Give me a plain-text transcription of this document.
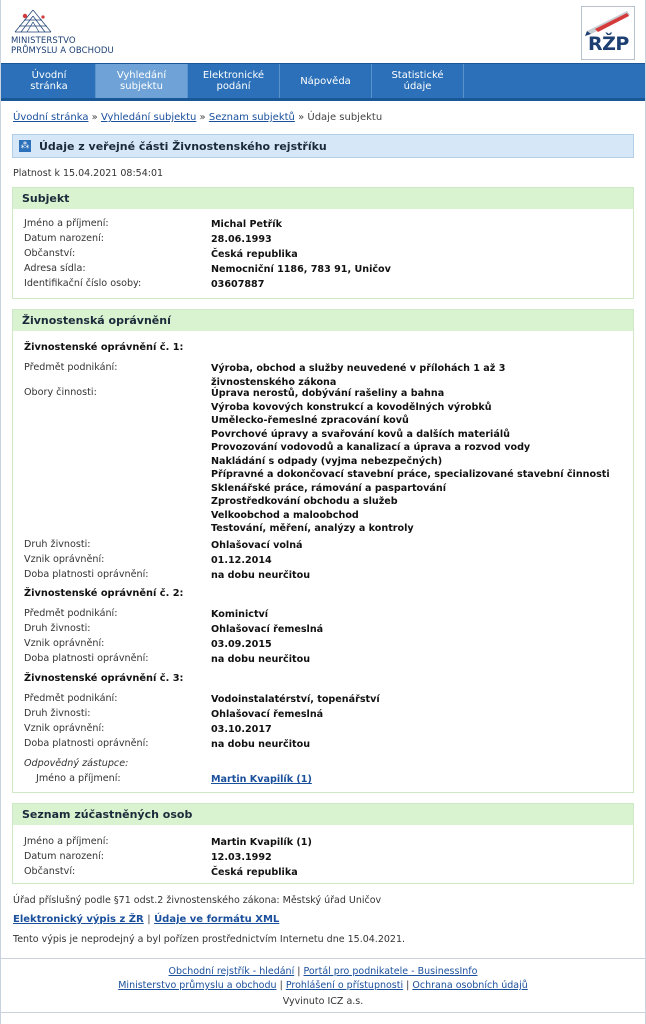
MINISTERSTVO
PRŮMYSLU A OBCHODU	RŽP
Úvodní stránka
Vyhledání subjektu
Elektronické podání	Nápověda	Statistické údaje
Úvodní stránka » Vyhledání subjektu » Seznam subjektů » Údaje subjektu
⁂ Údaje z veřejné části Živnostenského rejstříku
Platnost k 15.04.2021 08:54:01
Subjekt
Jméno a příjmení:	Michal Petřík
Datum narození:	28.06.1993
Občanství:	Česká republika
Adresa sídla:	Nemocniční 1186, 783 91, Uničov
Identifikační číslo osoby:	03607887
Živnostenská oprávnění
Živnostenské oprávnění č. 1:
Předmět podnikání:	Výroba, obchod a služby neuvedené v přílohách 1 až 3 živnostenského zákona
Obory činnosti:	Úprava nerostů, dobývání rašeliny a bahna
Výroba kovových konstrukcí a kovodělných výrobků
Umělecko-řemeslné zpracování kovů
Povrchové úpravy a svařování kovů a dalších materiálů
Provozování vodovodů a kanalizací a úprava a rozvod vody
Nakládání s odpady (vyjma nebezpečných)
Přípravné a dokončovací stavební práce, specializované stavební činnosti
Sklenářské práce, rámování a paspartování
Zprostředkování obchodu a služeb
Velkoobchod a maloobchod
Testování, měření, analýzy a kontroly
Druh živnosti:	Ohlašovací volná
Vznik oprávnění:	01.12.2014
Doba platnosti oprávnění:	na dobu neurčitou
Živnostenské oprávnění č. 2:
Předmět podnikání:	Kominictví
Druh živnosti:	Ohlašovací řemeslná
Vznik oprávnění:	03.09.2015
Doba platnosti oprávnění:	na dobu neurčitou
Živnostenské oprávnění č. 3:
Předmět podnikání:	Vodoinstalatérství, topenářství
Druh živnosti:	Ohlašovací řemeslná
Vznik oprávnění:	03.10.2017
Doba platnosti oprávnění:	na dobu neurčitou
Odpovědný zástupce:
Jméno a příjmení:	Martin Kvapilík (1)
Seznam zúčastněných osob
Jméno a příjmení:	Martin Kvapilík (1)
Datum narození:	12.03.1992
Občanství:	Česká republika
Úřad příslušný podle §71 odst.2 živnostenského zákona: Městský úřad Uničov
Elektronický výpis z ŽR | Údaje ve formátu XML
Tento výpis je neprodejný a byl pořízen prostřednictvím Internetu dne 15.04.2021.
Obchodní rejstřík - hledání | Portál pro podnikatele - BusinessInfo
Ministerstvo průmyslu a obchodu | Prohlášení o přístupnosti | Ochrana osobních údajů
Vyvinuto ICZ a.s.
